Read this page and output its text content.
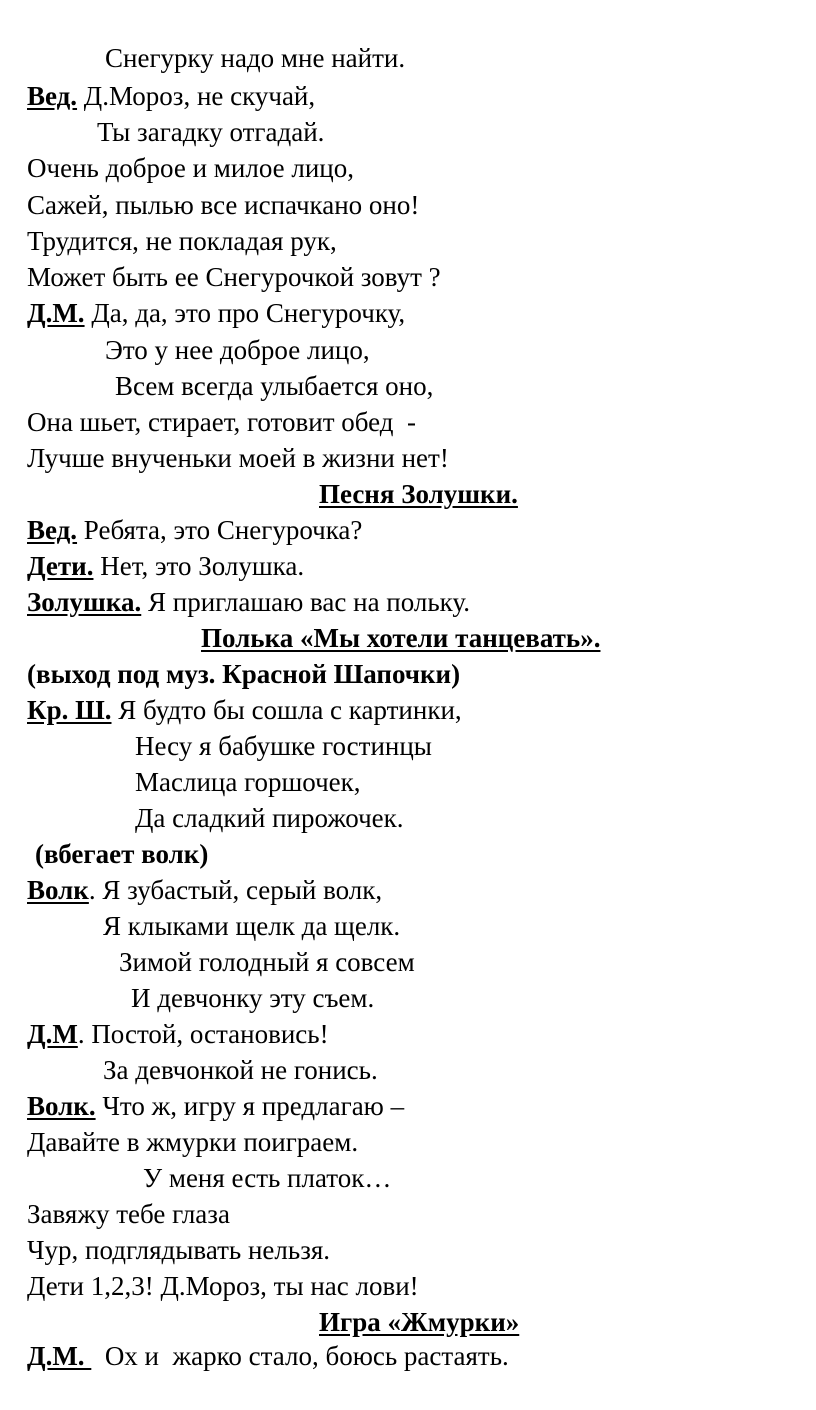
Снегурку надо мне найти.

Вед. Д.Мороз, не скучай,

Ты загадку отгадай.

Очень доброе и милое лицо,

Сажей, пылью все испачкано оно!

Трудится, не покладая рук,

Может быть ее Снегурочкой зовут ?

Д.М. Да, да, это про Снегурочку,

Это у нее доброе лицо,

Всем всегда улыбается оно,

Она шьет, стирает, готовит обед  -

Лучше внученьки моей в жизни нет!

Песня Золушки.

Вед. Ребята, это Снегурочка?

Дети. Нет, это Золушка.

Золушка. Я приглашаю вас на польку.

Полька «Мы хотели танцевать».

(выход под муз. Красной Шапочки)

Кр. Ш. Я будто бы сошла с картинки,

Несу я бабушке гостинцы

Маслица горшочек,

Да сладкий пирожочек.

(вбегает волк)

Волк. Я зубастый, серый волк,

Я клыками щелк да щелк.

Зимой голодный я совсем

И девчонку эту съем.

Д.М. Постой, остановись!

За девчонкой не гонись.

Волк. Что ж, игру я предлагаю –

Давайте в жмурки поиграем.

У меня есть платок…

Завяжу тебе глаза

Чур, подглядывать нельзя.

Дети 1,2,3! Д.Мороз, ты нас лови!

Игра «Жмурки»

Д.М.   Ох и  жарко стало, боюсь растаять.
